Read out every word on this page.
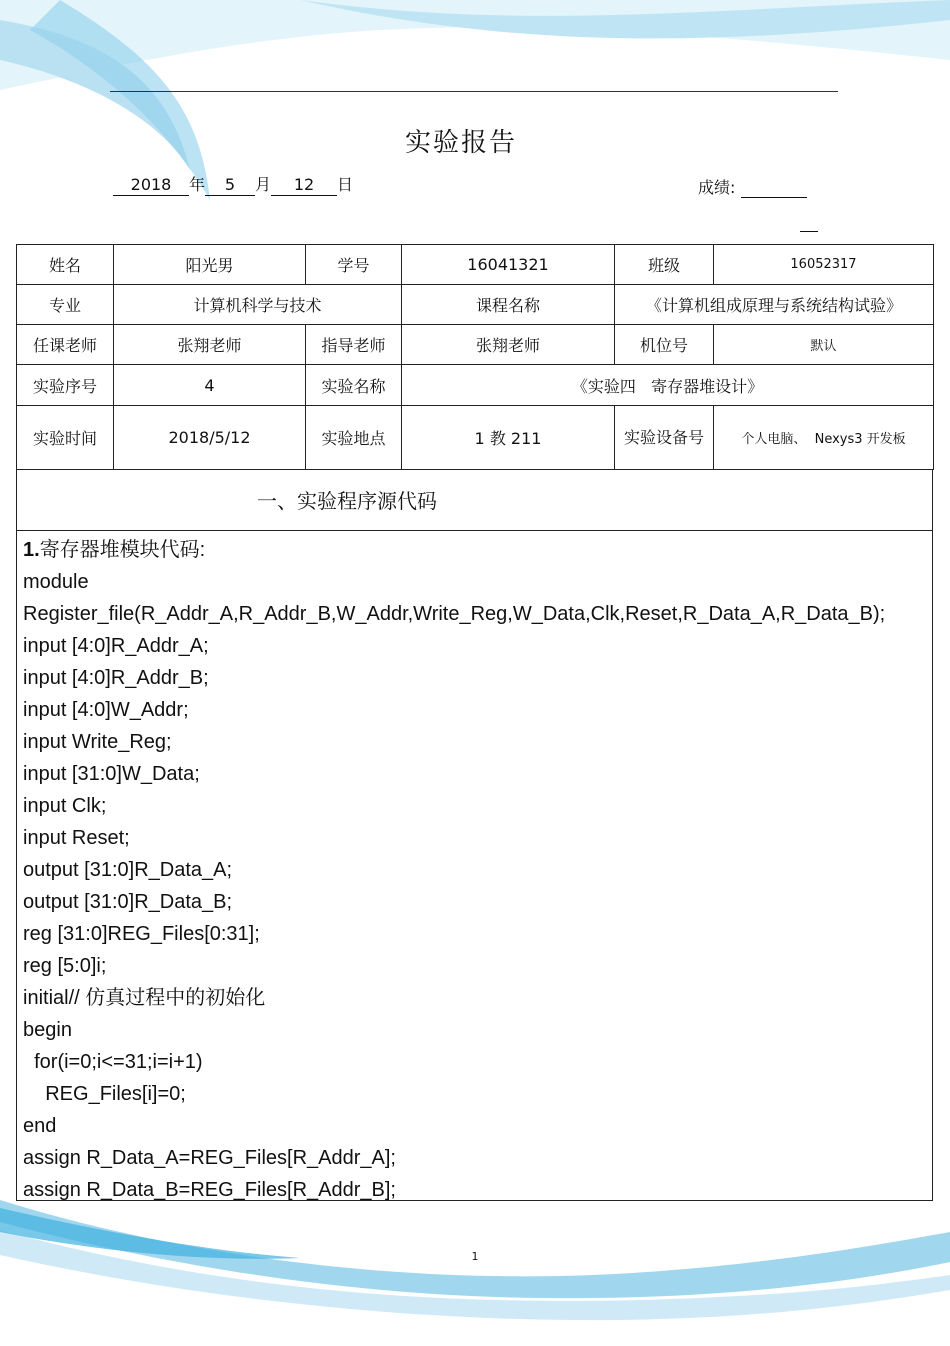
实验报告
2018 年 5 月 12 日	成绩:
姓名	阳光男	学号	16041321	班级	16052317
专业	计算机科学与技术		课程名称	《计算机组成原理与系统结构试验》	
任课老师	张翔老师	指导老师	张翔老师	机位号	默认
实验序号	4	实验名称	《实验四   寄存器堆设计》		
实验时间	2018/5/12	实验地点	1 教 211	实验设备号	个人电脑、  Nexys3 开发板
一、实验程序源代码
1.寄存器堆模块代码:
module
Register_file(R_Addr_A,R_Addr_B,W_Addr,Write_Reg,W_Data,Clk,Reset,R_Data_A,R_Data_B);
input [4:0]R_Addr_A;
input [4:0]R_Addr_B;
input [4:0]W_Addr;
input Write_Reg;
input [31:0]W_Data;
input Clk;
input Reset;
output [31:0]R_Data_A;
output [31:0]R_Data_B;
reg [31:0]REG_Files[0:31];
reg [5:0]i;
initial// 仿真过程中的初始化
begin
for(i=0;i<=31;i=i+1)
REG_Files[i]=0;
end
assign R_Data_A=REG_Files[R_Addr_A];
assign R_Data_B=REG_Files[R_Addr_B];
1
